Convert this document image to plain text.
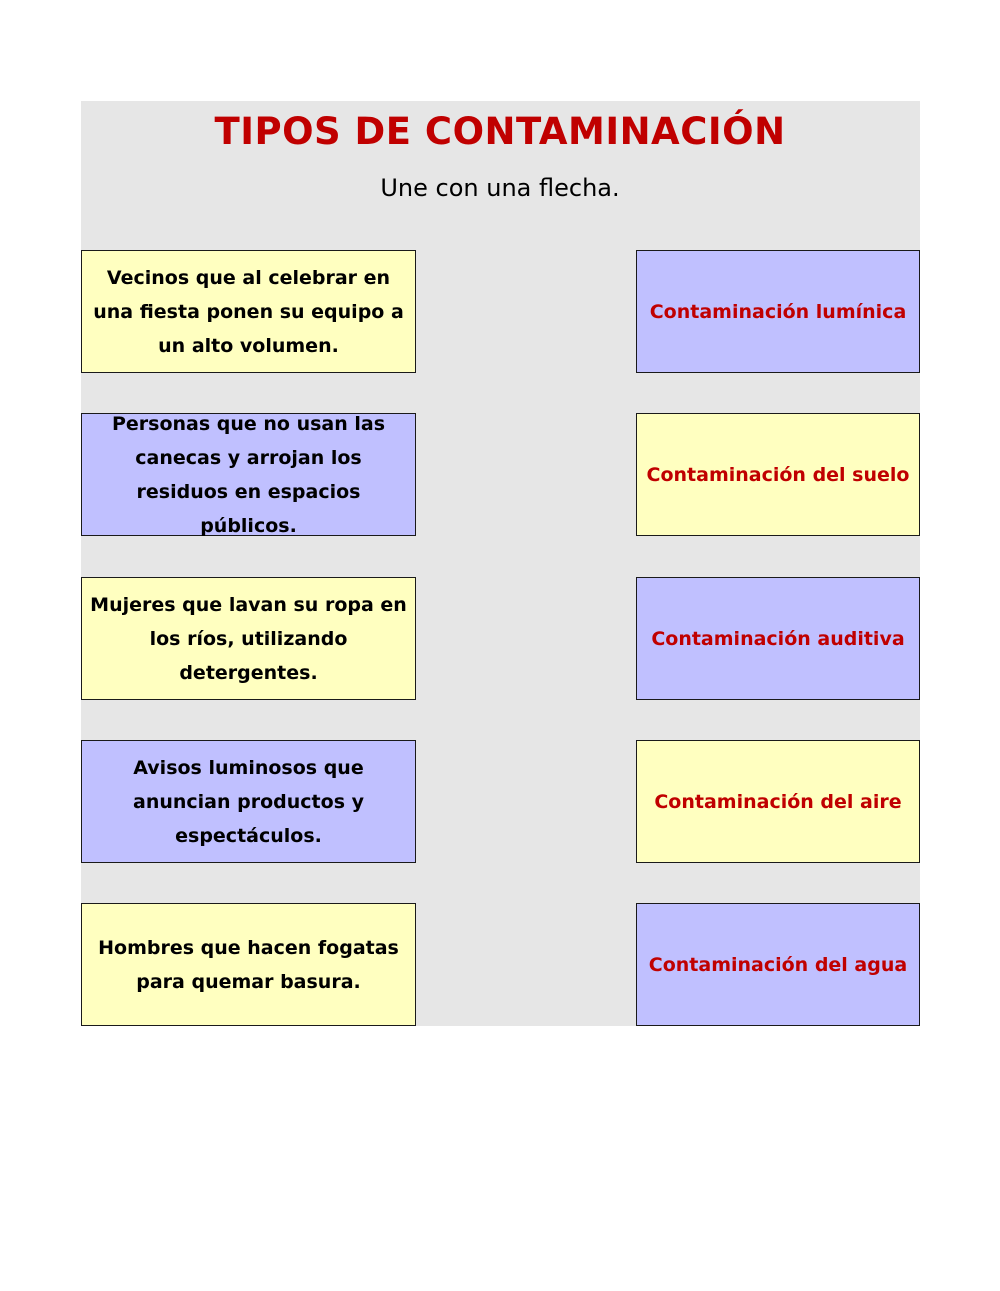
TIPOS DE CONTAMINACIÓN

Une con una flecha.

Vecinos que al celebrar en una fiesta ponen su equipo a un alto volumen.
Personas que no usan las canecas y arrojan los residuos en espacios públicos.
Mujeres que lavan su ropa en los ríos, utilizando detergentes.
Avisos luminosos que anuncian productos y espectáculos.
Hombres que hacen fogatas para quemar basura.
Contaminación lumínica
Contaminación del suelo
Contaminación auditiva
Contaminación del aire
Contaminación del agua
